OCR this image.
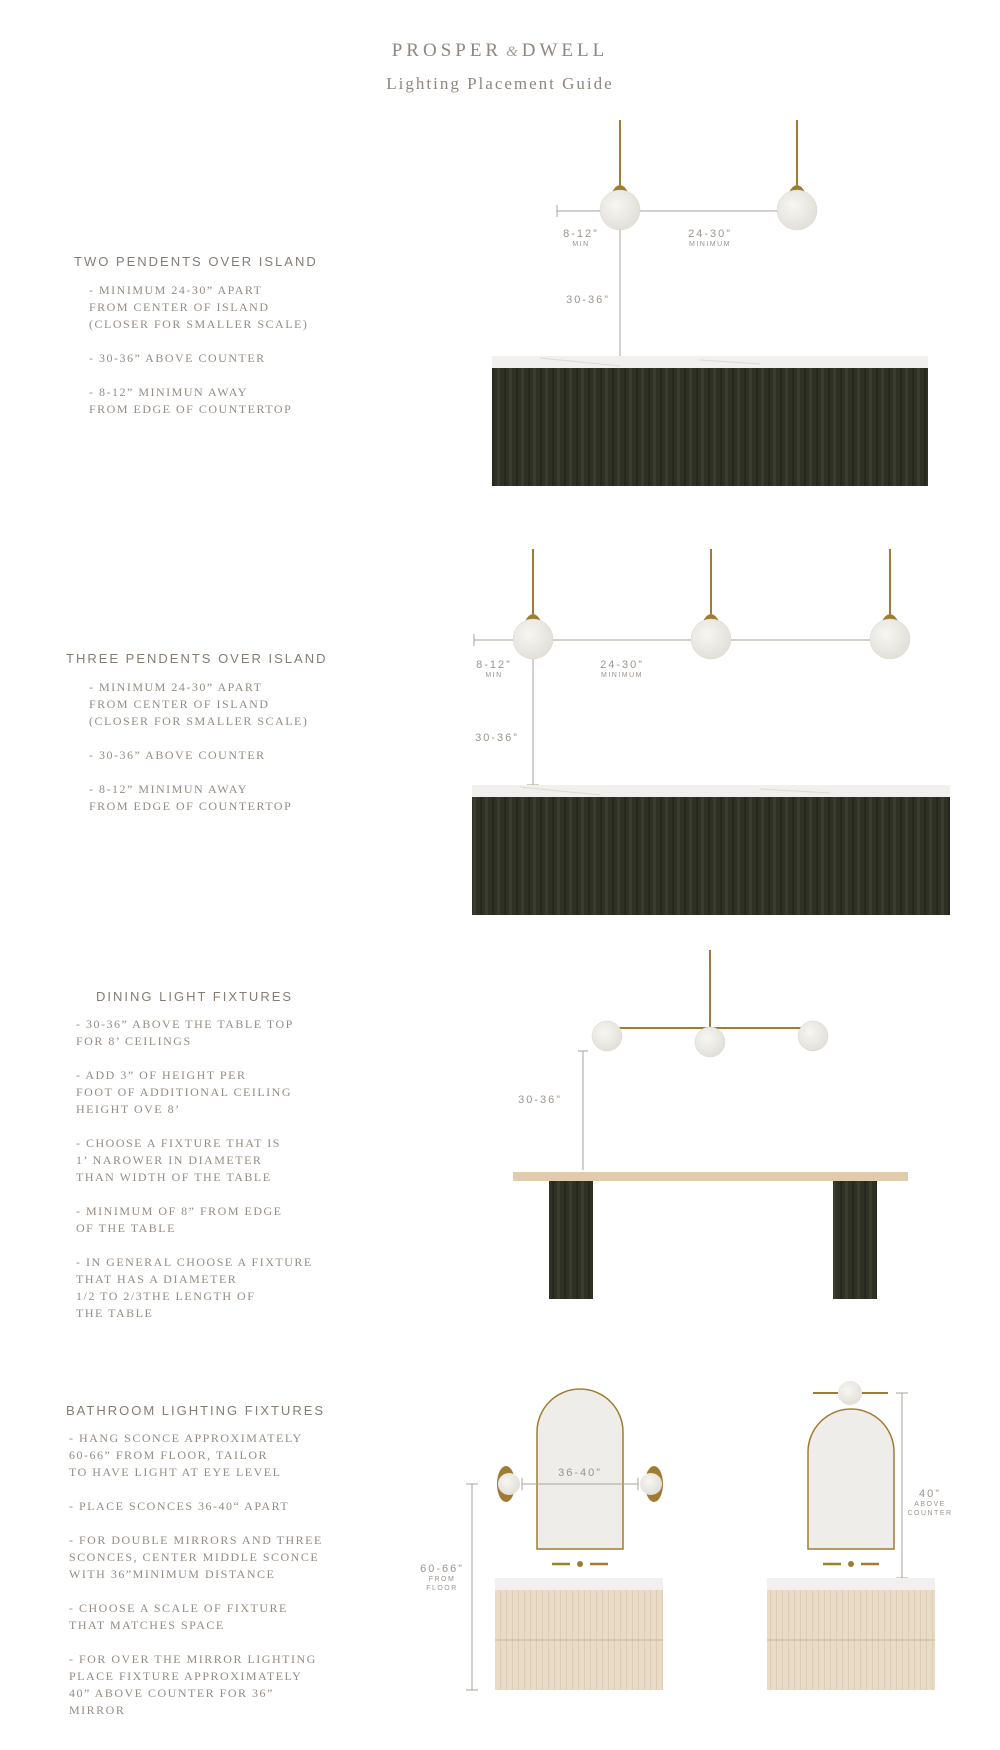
PROSPER & DWELL
Lighting Placement Guide
TWO PENDENTS OVER ISLAND
- MINIMUM 24-30” APART
FROM CENTER OF ISLAND
(CLOSER FOR SMALLER SCALE)
- 30-36” ABOVE COUNTER
- 8-12” MINIMUN AWAY
FROM EDGE OF COUNTERTOP
8-12”
MIN
24-30”
MINIMUM
30-36”
THREE PENDENTS OVER ISLAND
- MINIMUM 24-30” APART
FROM CENTER OF ISLAND
(CLOSER FOR SMALLER SCALE)
- 30-36” ABOVE COUNTER
- 8-12” MINIMUN AWAY
FROM EDGE OF COUNTERTOP
8-12”
MIN
24-30”
MINIMUM
30-36”
DINING LIGHT FIXTURES
- 30-36” ABOVE THE TABLE TOP
FOR 8’ CEILINGS
- ADD 3” OF HEIGHT PER
FOOT OF ADDITIONAL CEILING
HEIGHT OVE 8’
- CHOOSE A FIXTURE THAT IS
1’ NAROWER IN DIAMETER
THAN WIDTH OF THE TABLE
- MINIMUM OF 8” FROM EDGE
OF THE TABLE
- IN GENERAL CHOOSE A FIXTURE
THAT HAS A DIAMETER
1/2 TO 2/3THE LENGTH OF
THE TABLE
30-36”
BATHROOM LIGHTING FIXTURES
- HANG SCONCE APPROXIMATELY
60-66” FROM FLOOR, TAILOR
TO HAVE LIGHT AT EYE LEVEL
- PLACE SCONCES 36-40“ APART
- FOR DOUBLE MIRRORS AND THREE
SCONCES, CENTER MIDDLE SCONCE
WITH 36”MINIMUM DISTANCE
- CHOOSE A SCALE OF FIXTURE
THAT MATCHES SPACE
- FOR OVER THE MIRROR LIGHTING
PLACE FIXTURE APPROXIMATELY
40” ABOVE COUNTER FOR 36”
MIRROR
36-40”
60-66”
FROM
FLOOR
40”
ABOVE
COUNTER
